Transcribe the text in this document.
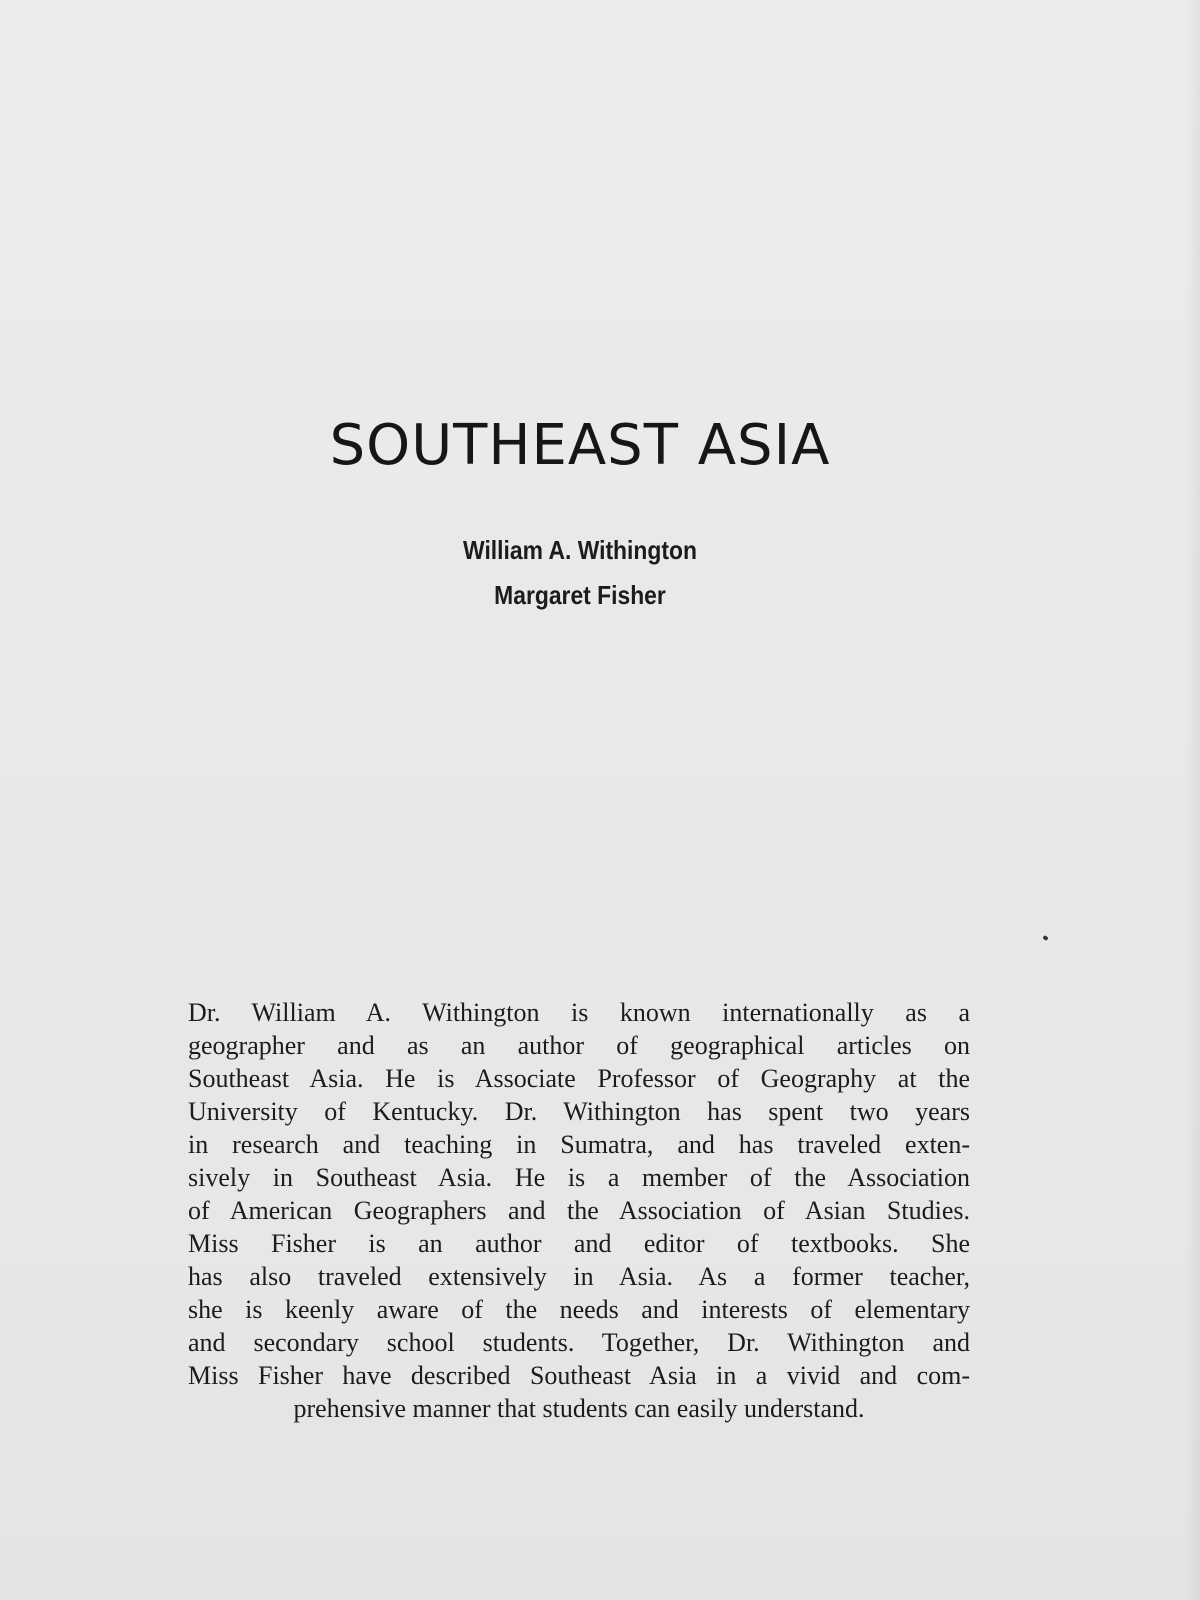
SOUTHEAST ASIA
William A. Withington
Margaret Fisher
Dr. William A. Withington is known internationally as a
geographer and as an author of geographical articles on
Southeast Asia. He is Associate Professor of Geography at the
University of Kentucky. Dr. Withington has spent two years
in research and teaching in Sumatra, and has traveled exten-
sively in Southeast Asia. He is a member of the Association
of American Geographers and the Association of Asian Studies.
Miss Fisher is an author and editor of textbooks. She
has also traveled extensively in Asia. As a former teacher,
she is keenly aware of the needs and interests of elementary
and secondary school students. Together, Dr. Withington and
Miss Fisher have described Southeast Asia in a vivid and com-
prehensive manner that students can easily understand.
